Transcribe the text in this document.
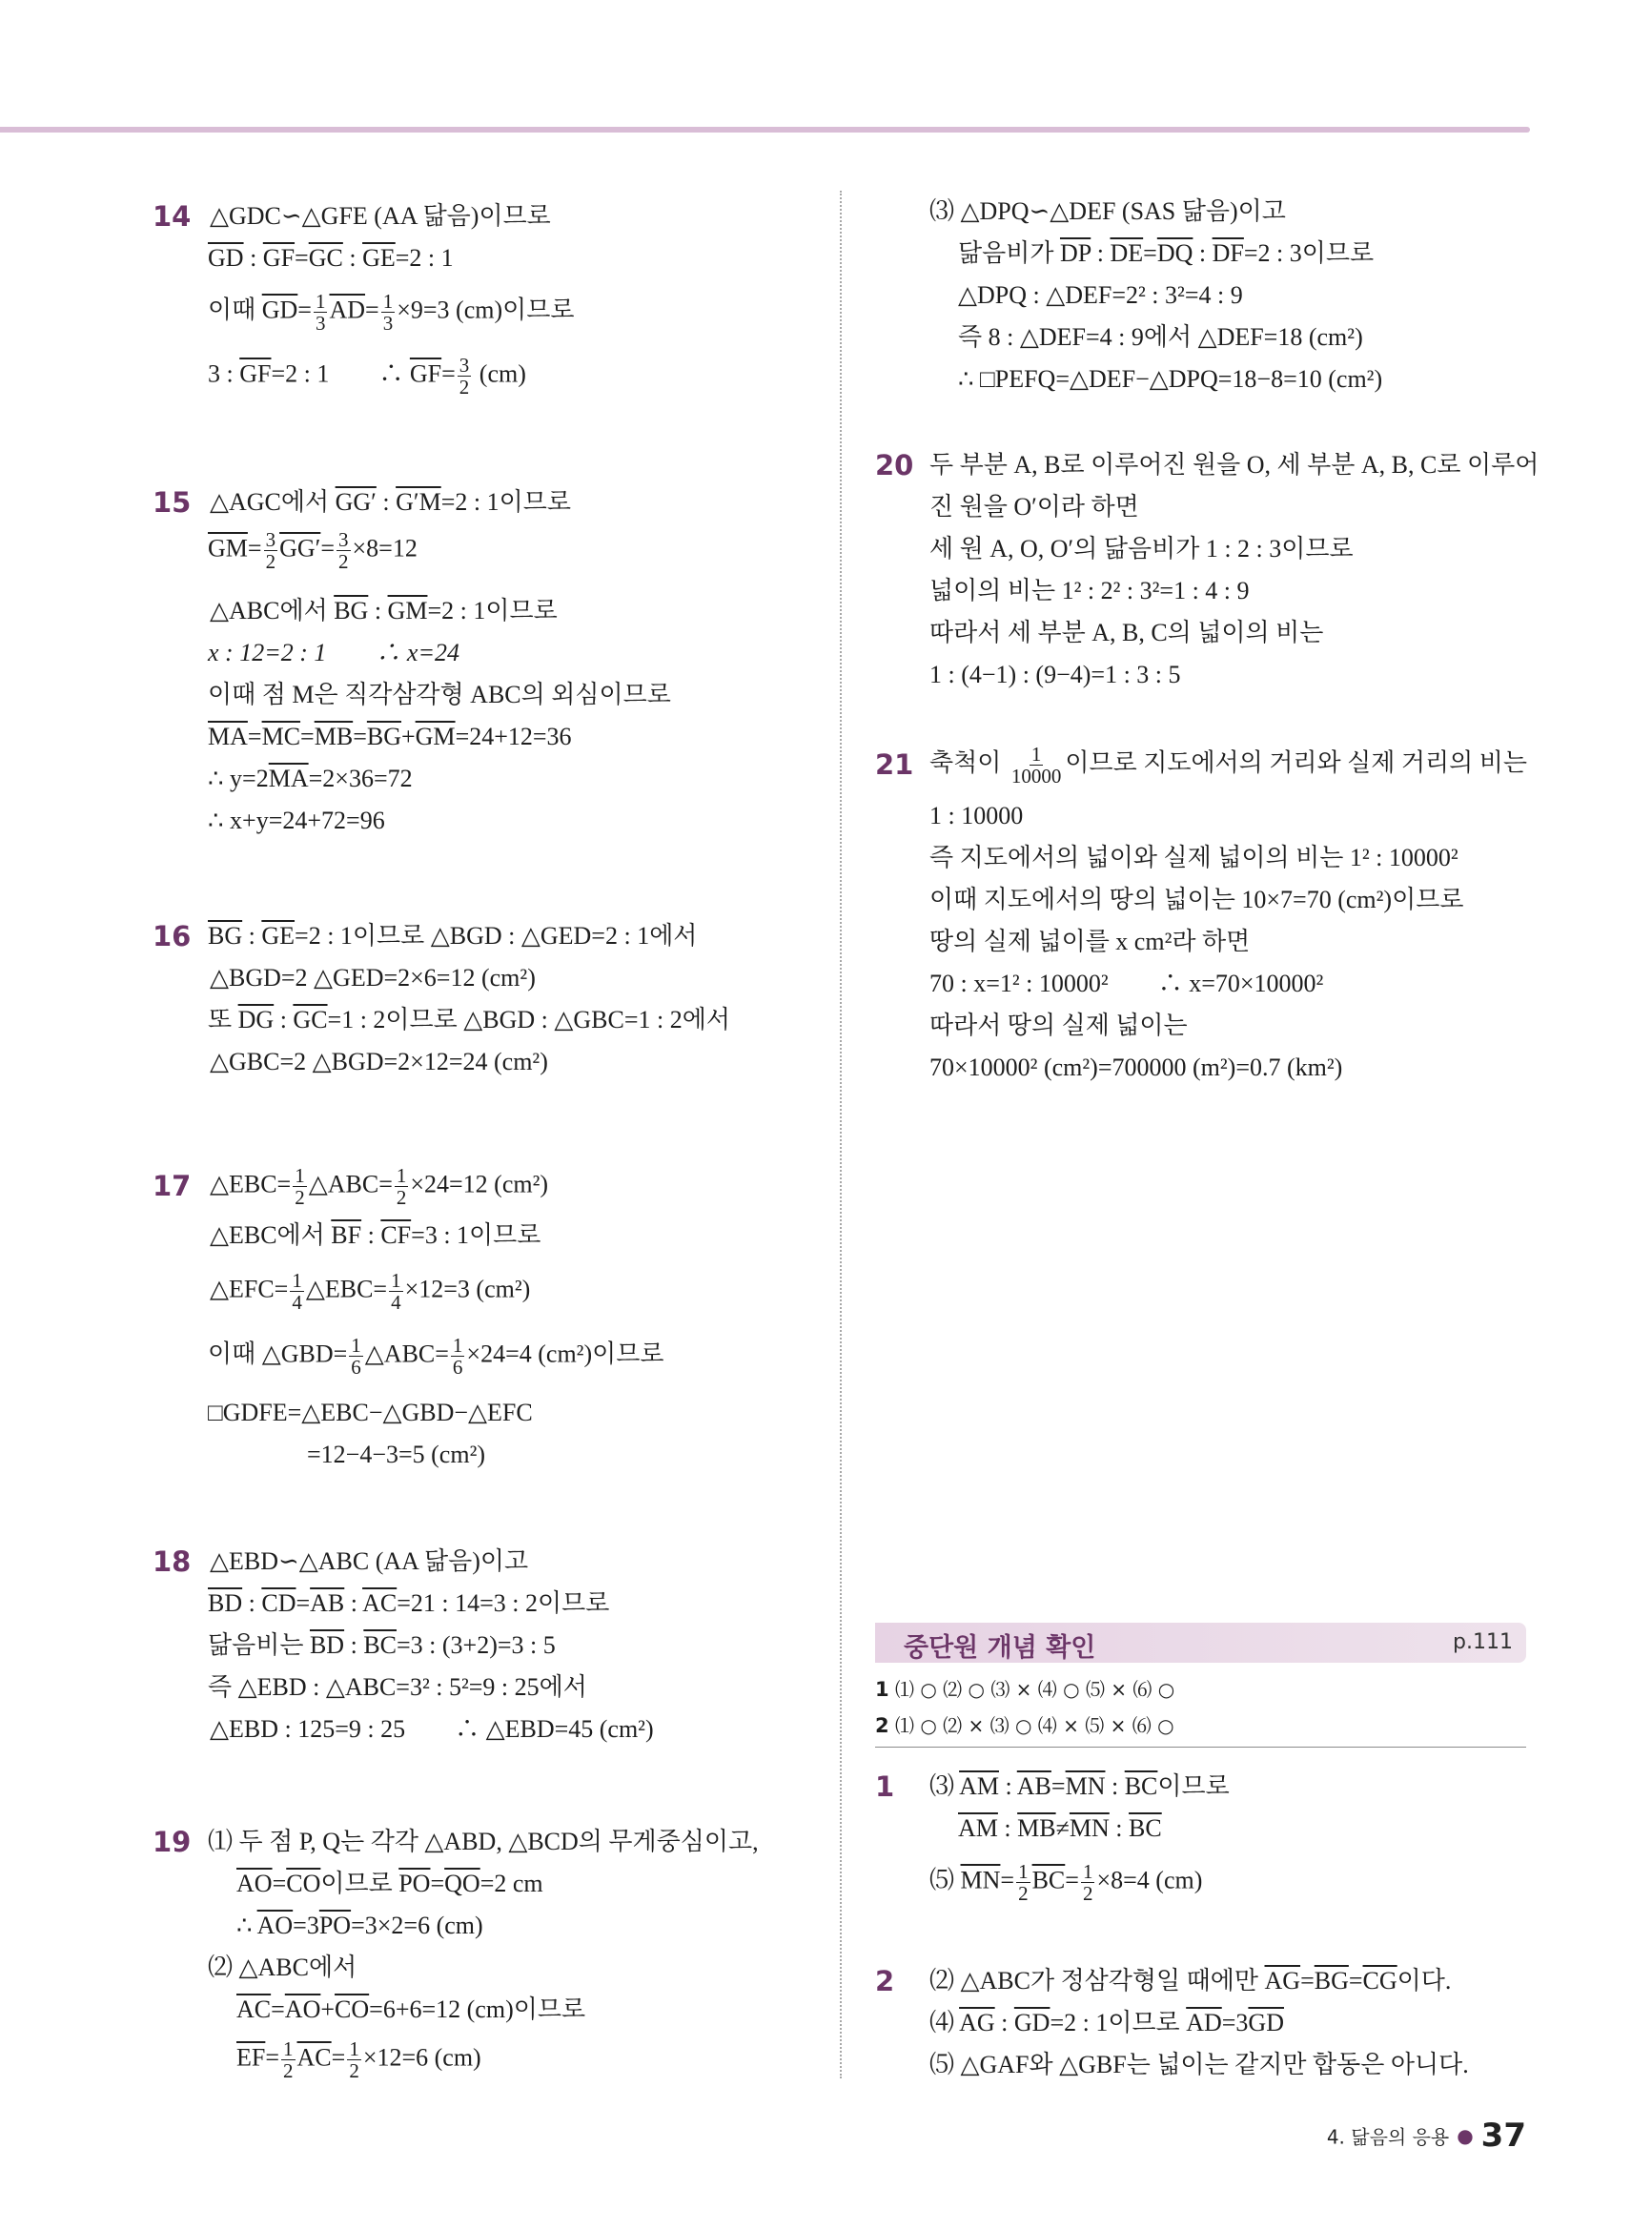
14 △GDC∽△GFE (AA 닮음)이므로
$\overline{GD}$ : $\overline{GF}=\overline{GC}$ : $\overline{GE}=2$ : 1
이때 $\overline{GD}= \frac{1}{3} \overline{AD}= \frac{1}{3} \times 9=3$ (cm)이므로
3 : $\overline{GF}=2$ : 1　　∴ $\overline{GF}= \frac{3}{2} (cm)$
15 △AGC에서 GG′ : G′M=2 : 1이므로
$\overline{GM}= \frac{3}{2} GG'= \frac{3}{2} \times 8=12$
△ABC에서 $\overline{BG}$ : $\overline{GM}=2$ : 1이므로
x : 12=2 : 1　　∴ x=24
이때 점 M은 직각삼각형 ABC의 외심이므로
$\overline{MA}=\overline{MC}=\overline{MB}=\overline{BG}+\overline{GM}=24+12=36$
∴ $y=2\overline{MA}=2\times 36=72$
∴ x+y=24+72=96
16 $\overline{BG}$ : $\overline{GE}=2$ : 1이므로 △BGD : △GED=2 : 1에서
△BGD=2 △GED=2×6=12 (cm²)
또 $\overline{DG}$ : $\overline{GC}=1$ : 2이므로 △BGD : △GBC=1 : 2에서
△GBC=2 △BGD=2×12=24 (cm²)
17 △EBC= $\frac{1}{2}$ △ABC= $\frac{1}{2} \times 24=12$ (cm²)
△EBC에서 $\overline{BF}$ : $\overline{CF}=3$ : 1이므로
△EFC= $\frac{1}{4}$ △EBC= $\frac{1}{4} \times 12=3$ (cm²)
이때 △GBD= $\frac{1}{6}$ △ABC= $\frac{1}{6} \times 24=4$ (cm²)이므로
□GDFE=△EBC−△GBD−△EFC
=12−4−3=5 (cm²)
18 △EBD∽△ABC (AA 닮음)이고
$\overline{BD}$ : $\overline{CD}=\overline{AB}$ : $\overline{AC}=21$ : 14=3 : 2이므로
닮음비는 $\overline{BD}$ : $\overline{BC}=3$ : (3+2)=3 : 5
즉 △EBD : △ABC=3² : 5²=9 : 25에서
△EBD : 125=9 : 25　　∴ △EBD=45 (cm²)
19 ⑴ 두 점 P, Q는 각각 △ABD, △BCD의 무게중심이고,
$\overline{AO}=\overline{CO}$이므로 $\overline{PO}=\overline{QO}=2$ cm
∴ $\overline{AO}=3\overline{PO}=3\times 2=6$ (cm)
⑵ △ABC에서
$\overline{AC}=\overline{AO}+\overline{CO}=6+6=12$ (cm)이므로
$\overline{EF}= \frac{1}{2} \overline{AC}= \frac{1}{2} \times 12=6$ (cm)
⑶ △DPQ∽△DEF (SAS 닮음)이고
닮음비가 $\overline{DP}$ : $\overline{DE}=\overline{DQ}$ : $\overline{DF}=2$ : 3이므로
△DPQ : △DEF=2² : 3²=4 : 9
즉 8 : △DEF=4 : 9에서 △DEF=18 (cm²)
∴ □PEFQ=△DEF−△DPQ=18−8=10 (cm²)
20 두 부분 A, B로 이루어진 원을 O, 세 부분 A, B, C로 이루어
진 원을 O′이라 하면
세 원 A, O, O′의 닮음비가 1 : 2 : 3이므로
넓이의 비는 1² : 2² : 3²=1 : 4 : 9
따라서 세 부분 A, B, C의 넓이의 비는
1 : (4−1) : (9−4)=1 : 3 : 5
21 축척이 $\frac{1}{10000}$ 이므로 지도에서의 거리와 실제 거리의 비는
1 : 10000
즉 지도에서의 넓이와 실제 넓이의 비는 1² : 10000²
이때 지도에서의 땅의 넓이는 10×7=70 (cm²)이므로
땅의 실제 넓이를 x cm²라 하면
70 : x=1² : 10000²　　∴ x=70×10000²
따라서 땅의 실제 넓이는
70×10000² (cm²)=700000 (m²)=0.7 (km²)
중단원 개념 확인	p.111
1 ⑴ ○ ⑵ ○ ⑶ × ⑷ ○ ⑸ × ⑹ ○
2 ⑴ ○ ⑵ × ⑶ ○ ⑷ × ⑸ × ⑹ ○
1 ⑶ $\overline{AM}$ : $\overline{AB}=\overline{MN}$ : $\overline{BC}$이므로
$\overline{AM}$ : $\overline{MB}\ne\overline{MN}$ : $\overline{BC}$
⑸ $\overline{MN}= \frac{1}{2} \overline{BC}= \frac{1}{2} \times 8=4$ (cm)
2 ⑵ △ABC가 정삼각형일 때에만 $\overline{AG}=\overline{BG}=\overline{CG}$이다.
⑷ $\overline{AG}$ : $\overline{GD}=2$ : 1이므로 $\overline{AD}=3\overline{GD}$
⑸ △GAF와 △GBF는 넓이는 같지만 합동은 아니다.
4. 닮음의 응용 ● 37
